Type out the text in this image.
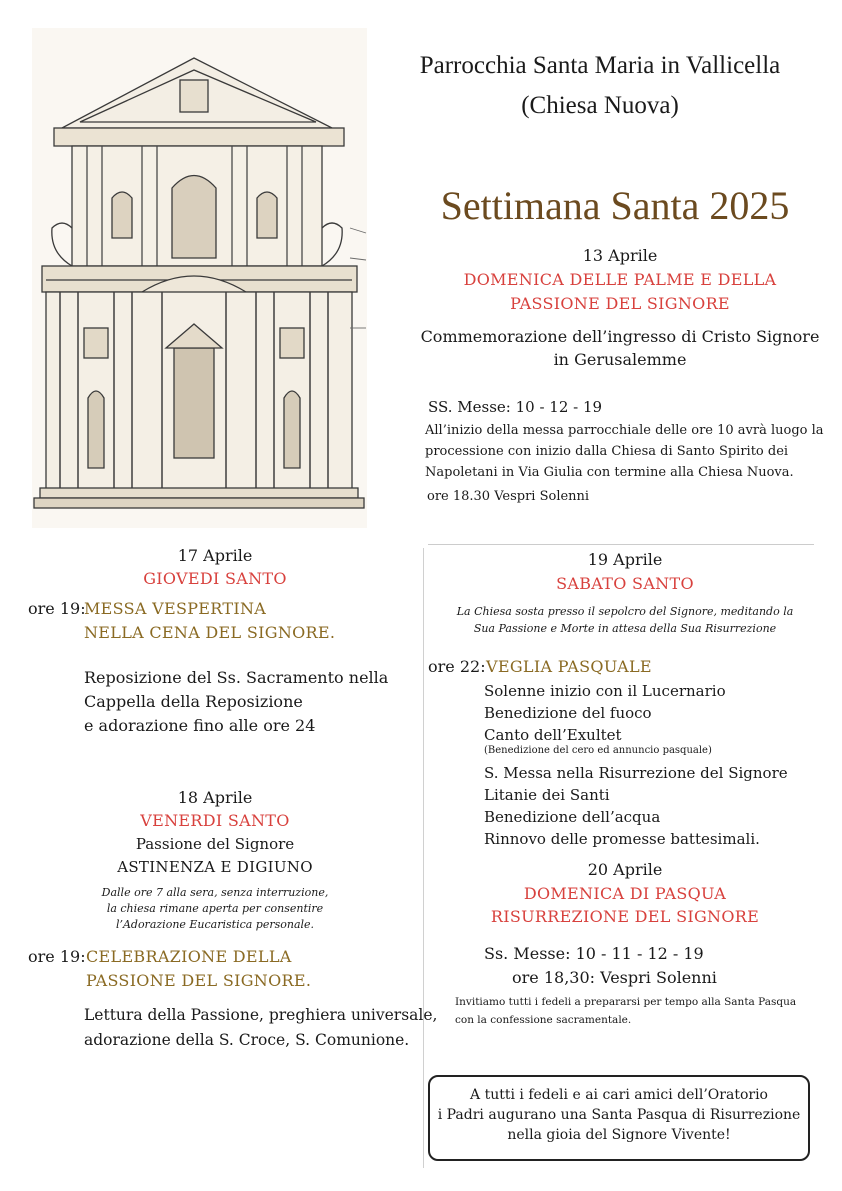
Parrocchia Santa Maria in Vallicella
(Chiesa Nuova)
Settimana Santa 2025
13 Aprile
DOMENICA DELLE PALME E DELLA
PASSIONE DEL SIGNORE
Commemorazione dell’ingresso di Cristo Signore
in Gerusalemme
SS. Messe: 10 - 12 - 19
All’inizio della messa parrocchiale delle ore 10 avrà luogo la
processione con inizio dalla Chiesa di Santo Spirito dei
Napoletani in Via Giulia con termine alla Chiesa Nuova.
ore 18.30 Vespri Solenni
17 Aprile
GIOVEDI SANTO
ore 19:
MESSA VESPERTINA
NELLA CENA DEL SIGNORE.
Reposizione del Ss. Sacramento nella
Cappella della Reposizione
e adorazione fino alle ore 24
18 Aprile
VENERDI SANTO
Passione del Signore
ASTINENZA E DIGIUNO
Dalle ore 7 alla sera, senza interruzione,
la chiesa rimane aperta per consentire
l’Adorazione Eucaristica personale.
ore 19: CELEBRAZIONE DELLA
PASSIONE DEL SIGNORE.
Lettura della Passione, preghiera universale,
adorazione della S. Croce, S. Comunione.
19 Aprile
SABATO SANTO
La Chiesa sosta presso il sepolcro del Signore, meditando la
Sua Passione e Morte in attesa della Sua Risurrezione
ore 22: VEGLIA PASQUALE
Solenne inizio con il Lucernario
Benedizione del fuoco
Canto dell’Exultet
(Benedizione del cero ed annuncio pasquale)
S. Messa nella Risurrezione del Signore
Litanie dei Santi
Benedizione dell’acqua
Rinnovo delle promesse battesimali.
20 Aprile
DOMENICA DI PASQUA
RISURREZIONE DEL SIGNORE
Ss. Messe: 10 - 11 - 12 - 19
ore 18,30: Vespri Solenni
Invitiamo tutti i fedeli a prepararsi per tempo alla Santa Pasqua
con la confessione sacramentale.
A tutti i fedeli e ai cari amici dell’Oratorio
i Padri augurano una Santa Pasqua di Risurrezione
nella gioia del Signore Vivente!
